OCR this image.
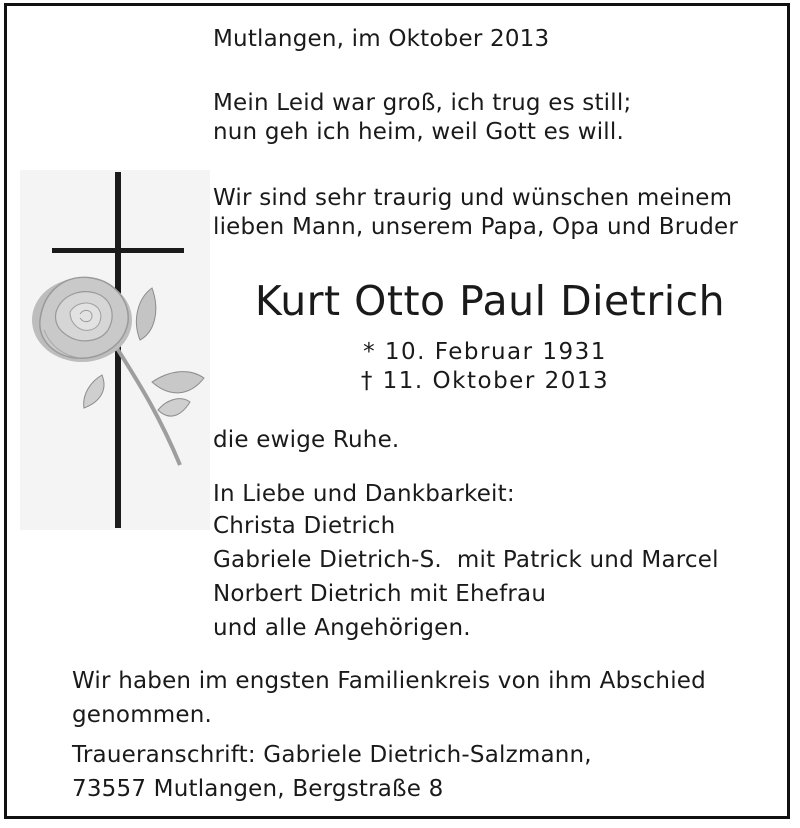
Mutlangen, im Oktober 2013
Mein Leid war groß, ich trug es still;
nun geh ich heim, weil Gott es will.
Wir sind sehr traurig und wünschen meinem
lieben Mann, unserem Papa, Opa und Bruder
Kurt Otto Paul Dietrich
* 10. Februar 1931
† 11. Oktober 2013
die ewige Ruhe.
In Liebe und Dankbarkeit:
Christa Dietrich
Gabriele Dietrich-S.  mit Patrick und Marcel
Norbert Dietrich mit Ehefrau
und alle Angehörigen.
Wir haben im engsten Familienkreis von ihm Abschied
genommen.
Traueranschrift: Gabriele Dietrich-Salzmann,
73557 Mutlangen, Bergstraße 8
